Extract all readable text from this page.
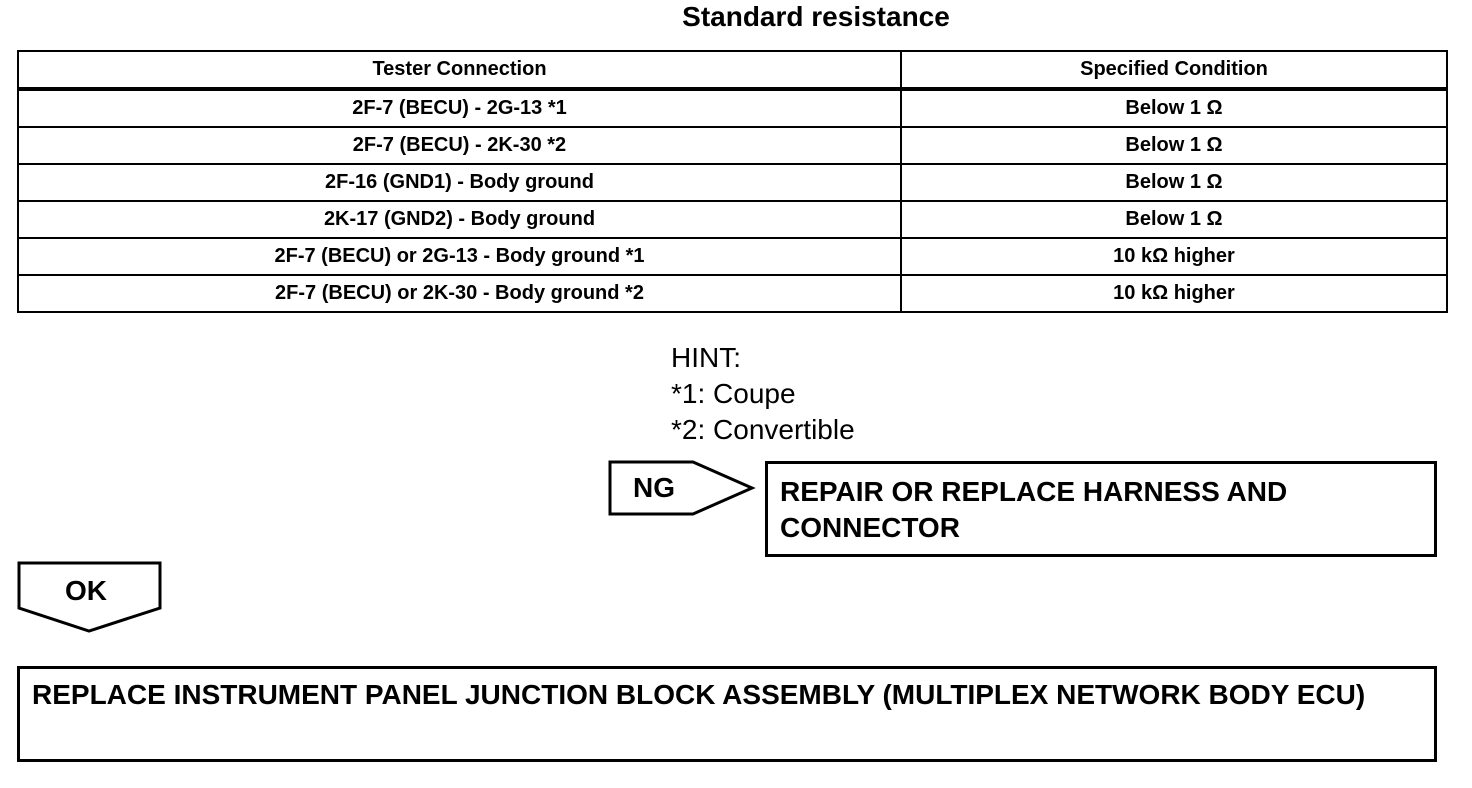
Standard resistance
Tester Connection	Specified Condition
2F-7 (BECU) - 2G-13 *1	Below 1 Ω
2F-7 (BECU) - 2K-30 *2	Below 1 Ω
2F-16 (GND1) - Body ground	Below 1 Ω
2K-17 (GND2) - Body ground	Below 1 Ω
2F-7 (BECU) or 2G-13 - Body ground *1	10 kΩ higher
2F-7 (BECU) or 2K-30 - Body ground *2	10 kΩ higher
HINT:
*1: Coupe
*2: Convertible
NG	REPAIR OR REPLACE HARNESS AND CONNECTOR
OK
REPLACE INSTRUMENT PANEL JUNCTION BLOCK ASSEMBLY (MULTIPLEX NETWORK BODY ECU)
